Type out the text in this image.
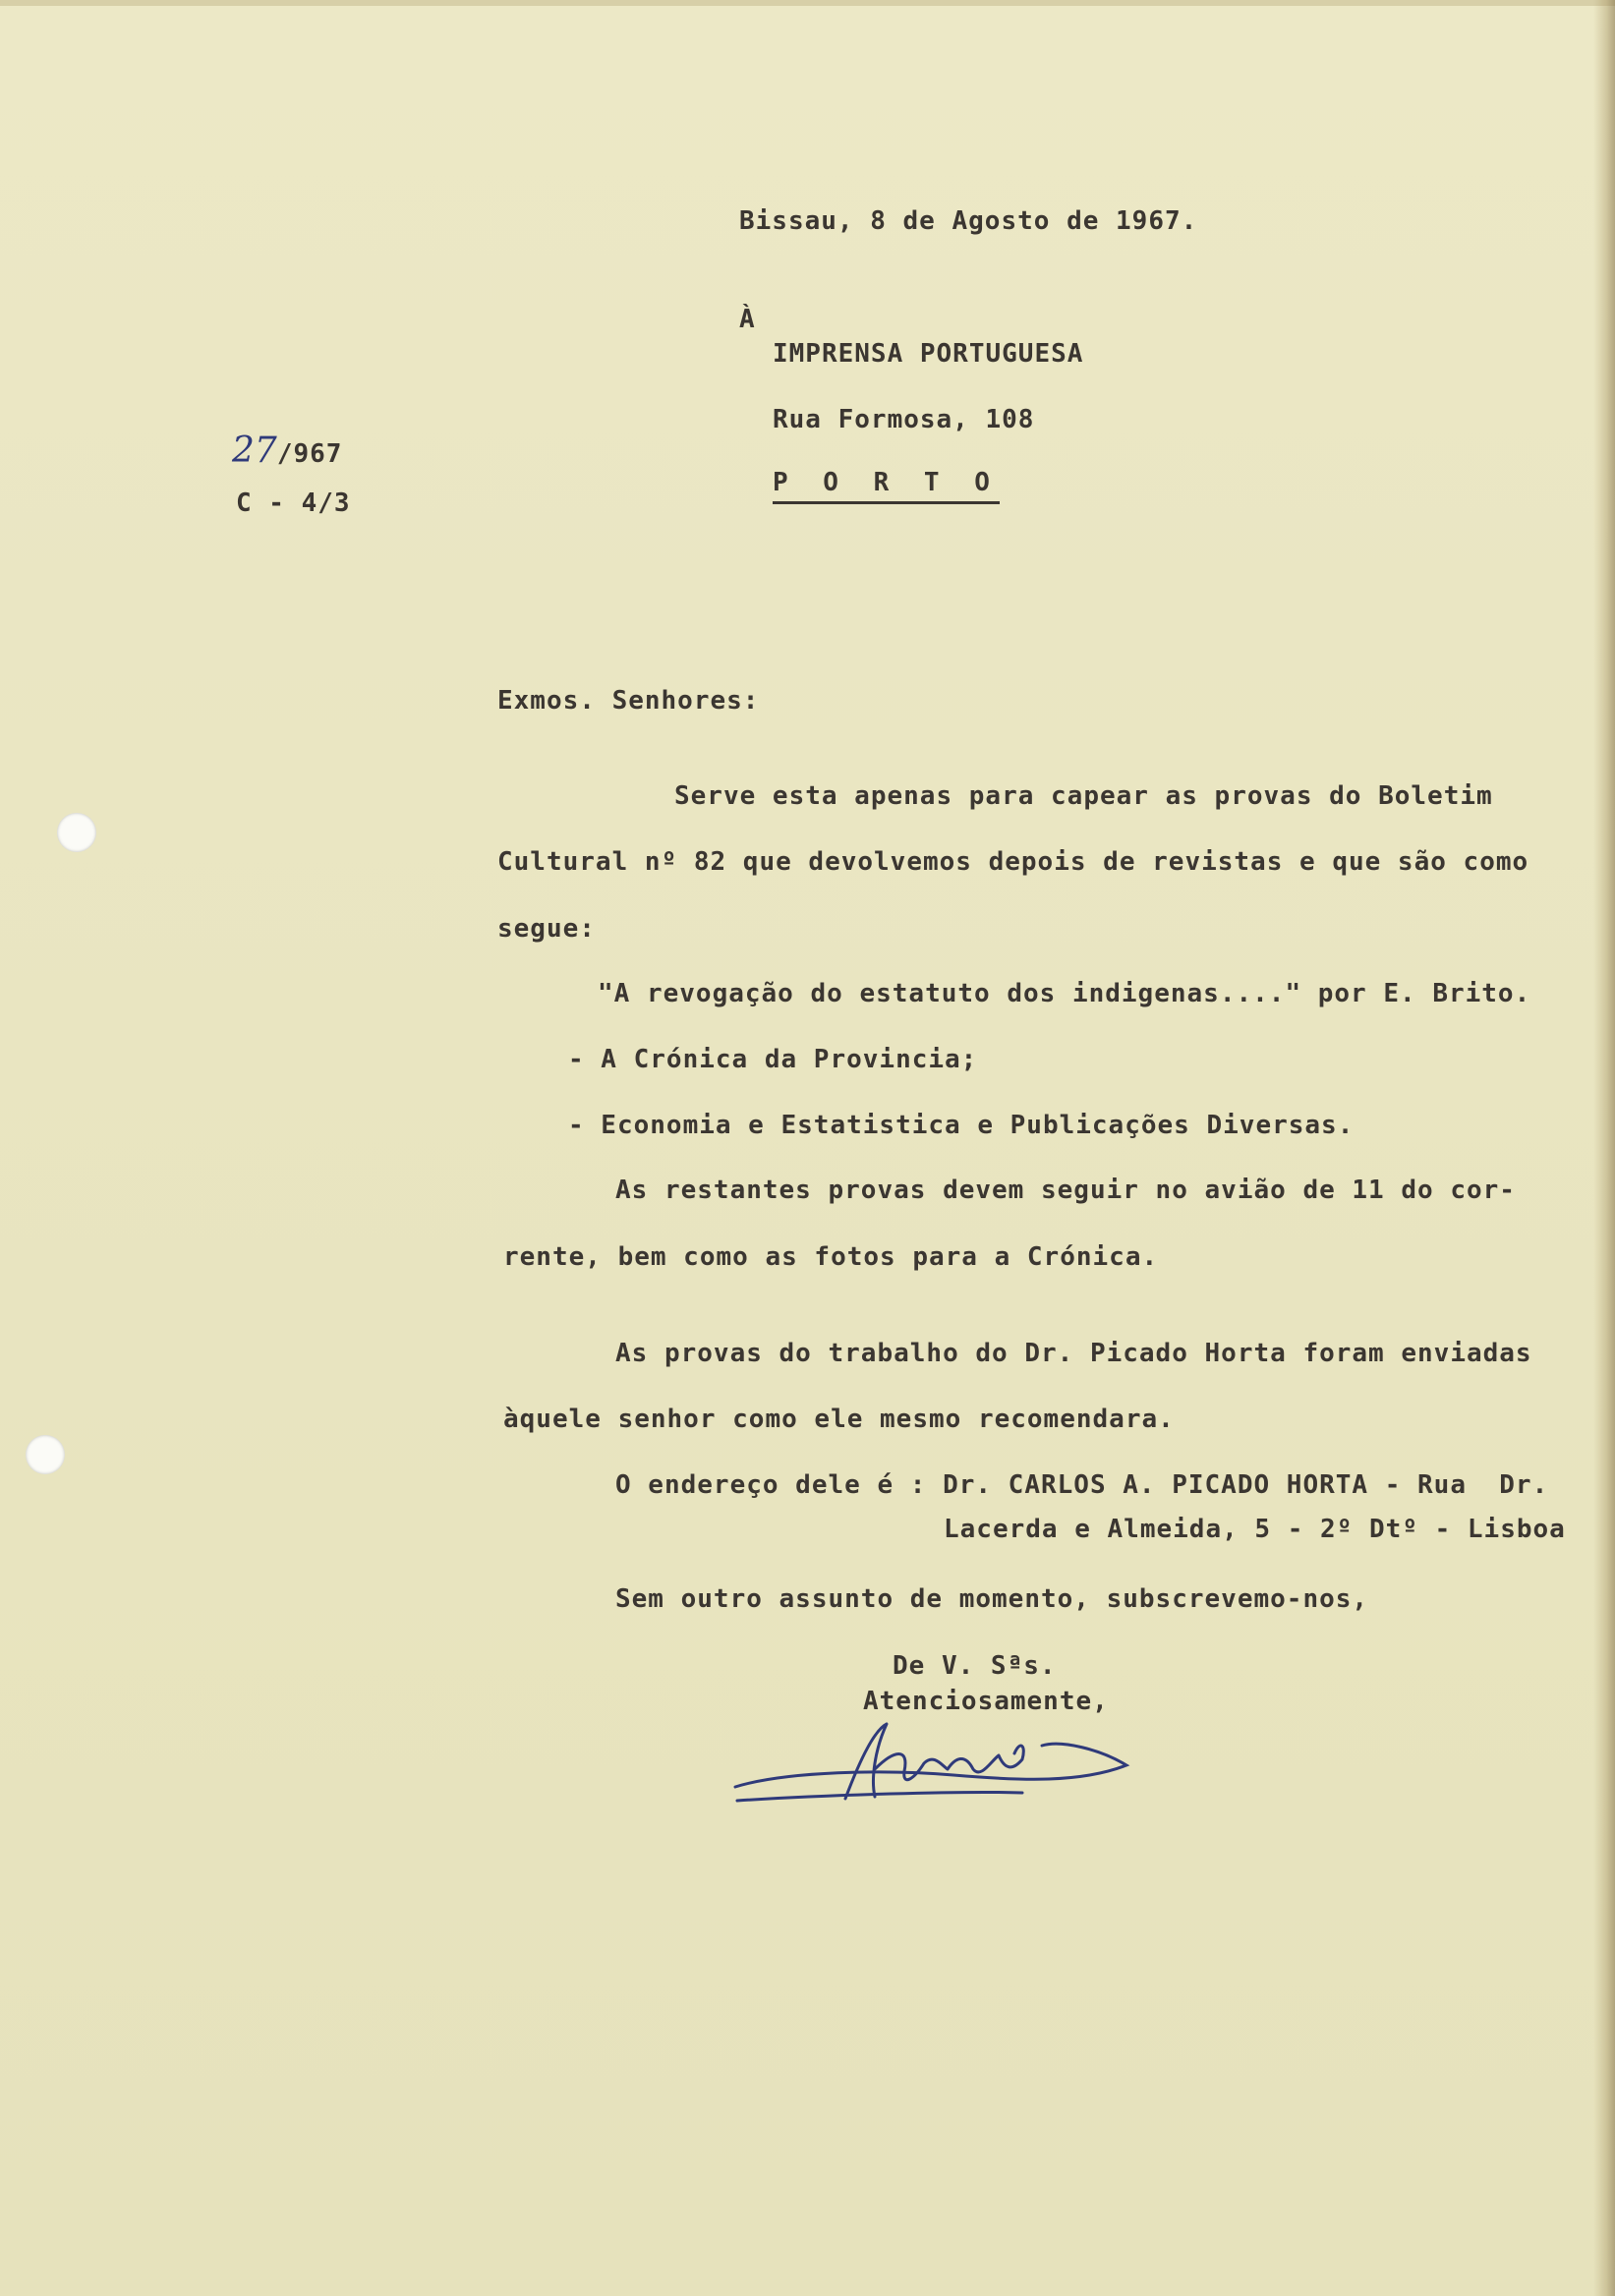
Bissau, 8 de Agosto de 1967.
À
IMPRENSA PORTUGUESA
Rua Formosa, 108
P O R T O
27/967
C - 4/3
Exmos. Senhores:
Serve esta apenas para capear as provas do Boletim
Cultural nº 82 que devolvemos depois de revistas e que são como
segue:
"A revogação do estatuto dos indigenas...." por E. Brito.
- A Crónica da Provincia;
- Economia e Estatistica e Publicações Diversas.
As restantes provas devem seguir no avião de 11 do cor-
rente, bem como as fotos para a Crónica.
As provas do trabalho do Dr. Picado Horta foram enviadas
àquele senhor como ele mesmo recomendara.
O endereço dele é : Dr. CARLOS A. PICADO HORTA - Rua  Dr.
Lacerda e Almeida, 5 - 2º Dtº - Lisboa
Sem outro assunto de momento, subscrevemo-nos,
De V. Sªs.
Atenciosamente,
